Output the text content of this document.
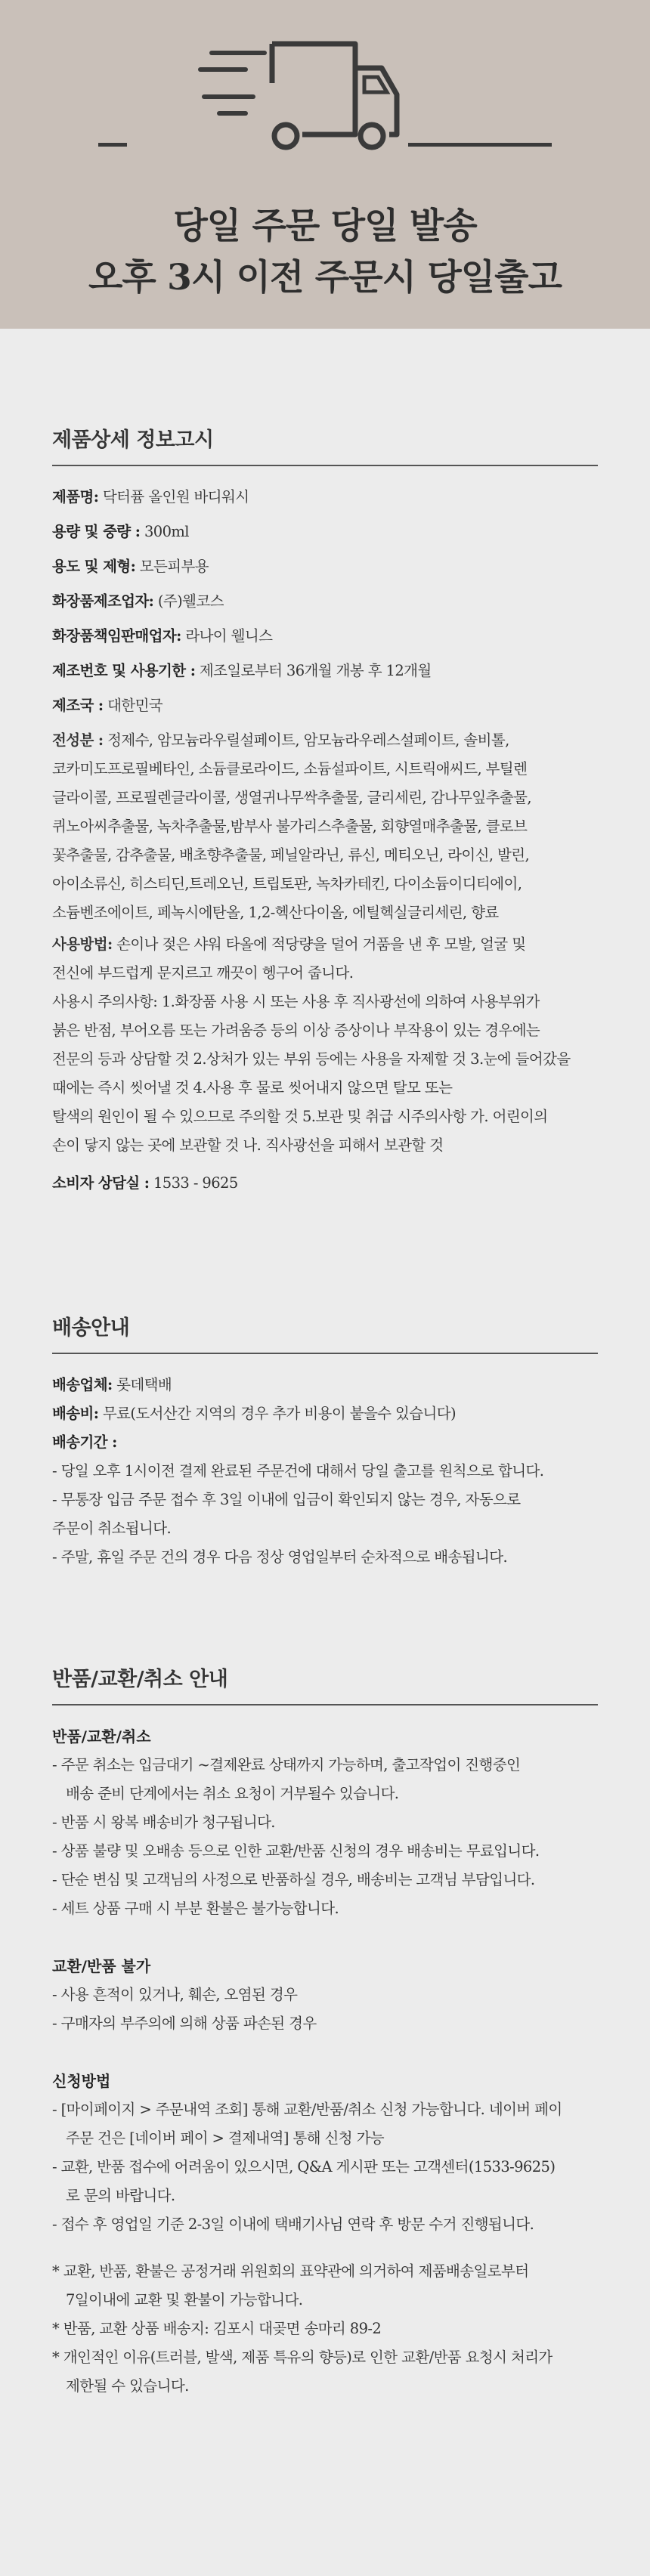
당일 주문 당일 발송
오후 3시 이전 주문시 당일출고
제품상세 정보고시
제품명: 닥터퓸 올인원 바디워시
용량 및 중량 : 300ml
용도 및 제형: 모든피부용
화장품제조업자: (주)웰코스
화장품책임판매업자: 라나이 웰니스
제조번호 및 사용기한 : 제조일로부터 36개월 개봉 후 12개월
제조국 : 대한민국
전성분 : 정제수, 암모늄라우릴설페이트, 암모늄라우레스설페이트, 솔비톨,
코카미도프로필베타인, 소듐클로라이드, 소듐설파이트, 시트릭애씨드, 부틸렌
글라이콜, 프로필렌글라이콜, 생열귀나무싹추출물, 글리세린, 감나무잎추출물,
퀴노아씨추출물, 녹차추출물,밤부사 불가리스추출물, 회향열매추출물, 클로브
꽃추출물, 감추출물, 배초향추출물, 페닐알라닌, 류신, 메티오닌, 라이신, 발린,
아이소류신, 히스티딘,트레오닌, 트립토판, 녹차카테킨, 다이소듐이디티에이,
소듐벤조에이트, 페녹시에탄올, 1,2-헥산다이올, 에틸헥실글리세린, 향료
사용방법: 손이나 젖은 샤워 타올에 적당량을 덜어 거품을 낸 후 모발, 얼굴 및
전신에 부드럽게 문지르고 깨끗이 헹구어 줍니다.
사용시 주의사항: 1.화장품 사용 시 또는 사용 후 직사광선에 의하여 사용부위가
붉은 반점, 부어오름 또는 가려움증 등의 이상 증상이나 부작용이 있는 경우에는
전문의 등과 상담할 것 2.상처가 있는 부위 등에는 사용을 자제할 것 3.눈에 들어갔을
때에는 즉시 씻어낼 것 4.사용 후 물로 씻어내지 않으면 탈모 또는
탈색의 원인이 될 수 있으므로 주의할 것 5.보관 및 취급 시주의사항 가. 어린이의
손이 닿지 않는 곳에 보관할 것 나. 직사광선을 피해서 보관할 것
소비자 상담실 : 1533 - 9625
배송안내
배송업체: 롯데택배
배송비: 무료(도서산간 지역의 경우 추가 비용이 붙을수 있습니다)
배송기간 :
- 당일 오후 1시이전 결제 완료된 주문건에 대해서 당일 출고를 원칙으로 합니다.
- 무통장 입금 주문 접수 후 3일 이내에 입금이 확인되지 않는 경우, 자동으로
주문이 취소됩니다.
- 주말, 휴일 주문 건의 경우 다음 정상 영업일부터 순차적으로 배송됩니다.
반품/교환/취소 안내
반품/교환/취소
- 주문 취소는 입금대기 ~결제완료 상태까지 가능하며, 출고작업이 진행중인
배송 준비 단계에서는 취소 요청이 거부될수 있습니다.
- 반품 시 왕복 배송비가 청구됩니다.
- 상품 불량 및 오배송 등으로 인한 교환/반품 신청의 경우 배송비는 무료입니다.
- 단순 변심 및 고객님의 사정으로 반품하실 경우, 배송비는 고객님 부담입니다.
- 세트 상품 구매 시 부분 환불은 불가능합니다.
교환/반품 불가
- 사용 흔적이 있거나, 훼손, 오염된 경우
- 구매자의 부주의에 의해 상품 파손된 경우
신청방법
- [마이페이지 > 주문내역 조회] 통해 교환/반품/취소 신청 가능합니다. 네이버 페이
주문 건은 [네이버 페이 > 결제내역] 통해 신청 가능
- 교환, 반품 접수에 어려움이 있으시면, Q&A 게시판 또는 고객센터(1533-9625)
로 문의 바랍니다.
- 접수 후 영업일 기준 2-3일 이내에 택배기사님 연락 후 방문 수거 진행됩니다.
* 교환, 반품, 환불은 공정거래 위원회의 표약관에 의거하여 제품배송일로부터
7일이내에 교환 및 환불이 가능합니다.
* 반품, 교환 상품 배송지: 김포시 대곶면 송마리 89-2
* 개인적인 이유(트러블, 발색, 제품 특유의 향등)로 인한 교환/반품 요청시 처리가
제한될 수 있습니다.
